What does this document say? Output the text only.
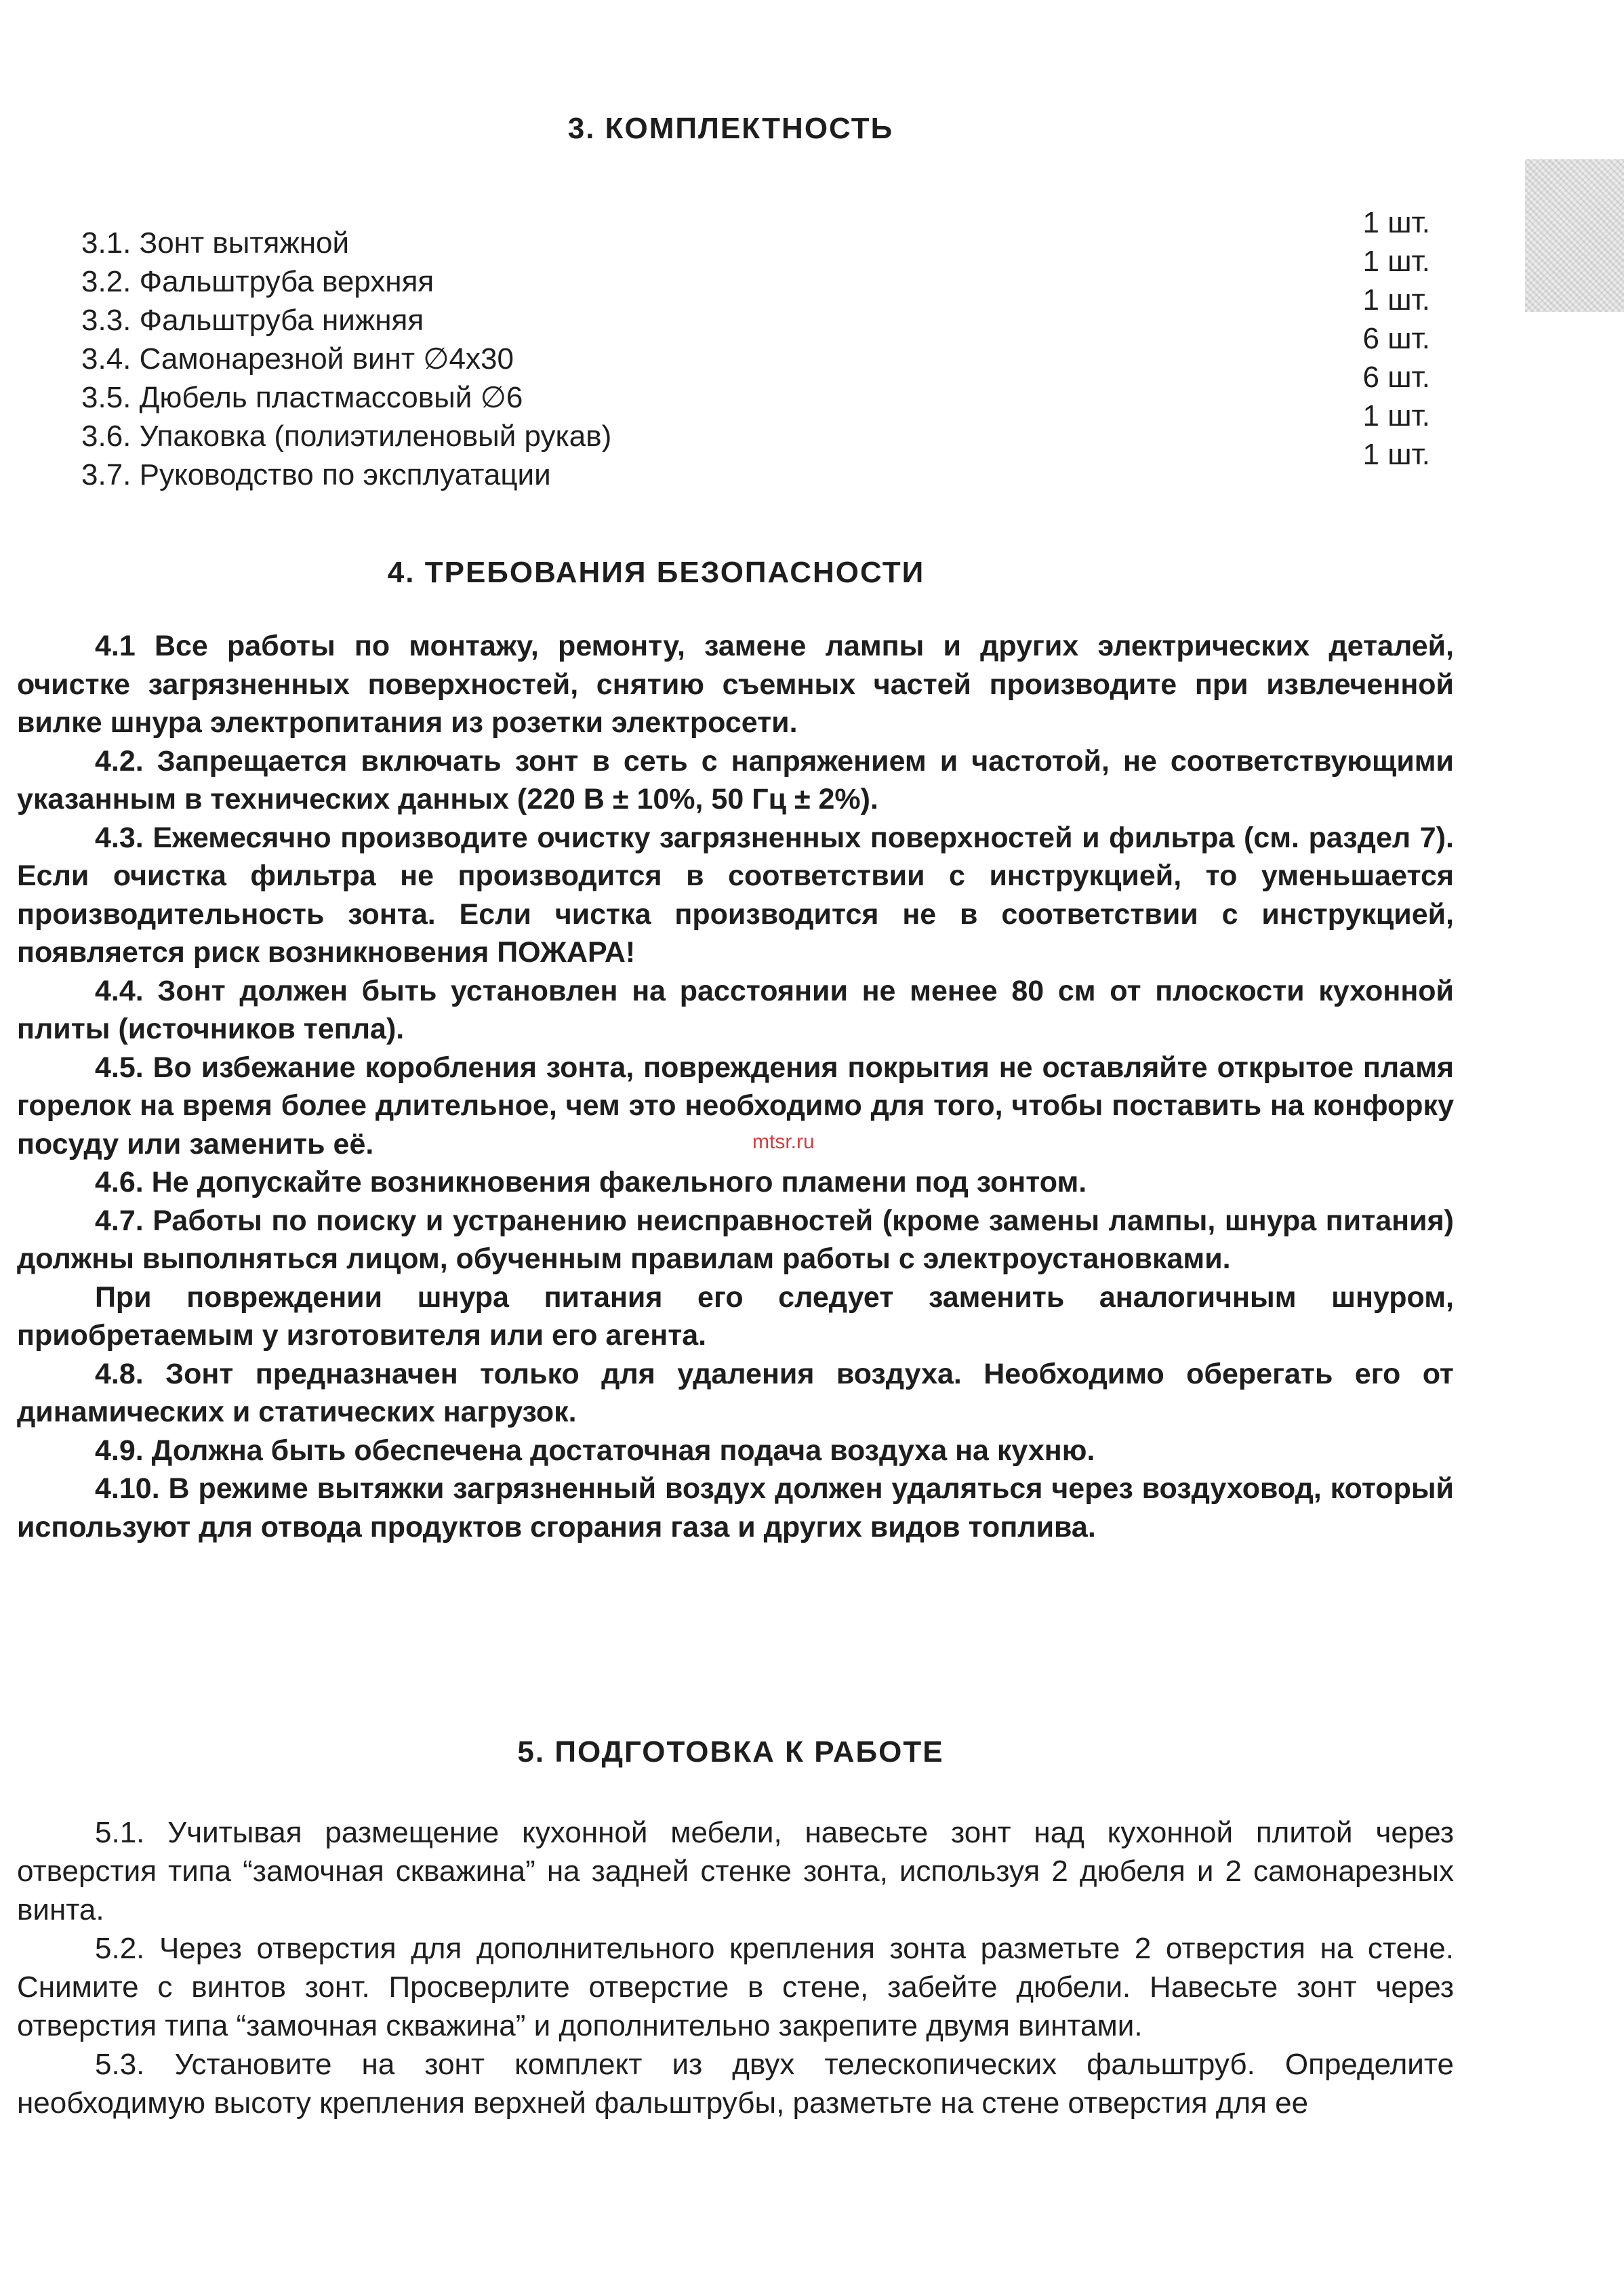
3. КОМПЛЕКТНОСТЬ
3.1. Зонт вытяжной
1 шт.
3.2. Фальштруба верхняя
1 шт.
3.3. Фальштруба нижняя
1 шт.
3.4. Самонарезной винт ∅4х30
6 шт.
3.5. Дюбель пластмассовый ∅6
6 шт.
3.6. Упаковка (полиэтиленовый рукав)
1 шт.
3.7. Руководство по эксплуатации
1 шт.
4. ТРЕБОВАНИЯ БЕЗОПАСНОСТИ

4.1 Все работы по монтажу, ремонту, замене лампы и других электрических деталей, очистке загрязненных поверхностей, снятию съемных частей производите при извлеченной вилке шнура электропитания из розетки электросети.

4.2. Запрещается включать зонт в сеть с напряжением и частотой, не соответствующими указанным в технических данных (220 В ± 10%, 50 Гц ± 2%).

4.3. Ежемесячно производите очистку загрязненных поверхностей и фильтра (см. раздел 7). Если очистка фильтра не производится в соответствии с инструкцией, то уменьшается производительность зонта. Если чистка производится не в соответствии с инструкцией, появляется риск возникновения ПОЖАРА!

4.4. Зонт должен быть установлен на расстоянии не менее 80 см от плоскости кухонной плиты (источников тепла).

4.5. Во избежание коробления зонта, повреждения покрытия не оставляйте открытое пламя горелок на время более длительное, чем это необходимо для того, чтобы поставить на конфорку посуду или заменить её.

4.6. Не допускайте возникновения факельного пламени под зонтом.

4.7. Работы по поиску и устранению неисправностей (кроме замены лампы, шнура питания) должны выполняться лицом, обученным правилам работы с электроустановками.

При повреждении шнура питания его следует заменить аналогичным шнуром, приобретаемым у изготовителя или его агента.

4.8. Зонт предназначен только для удаления воздуха. Необходимо оберегать его от динамических и статических нагрузок.

4.9. Должна быть обеспечена достаточная подача воздуха на кухню.

4.10. В режиме вытяжки загрязненный воздух должен удаляться через воздуховод, который используют для отвода продуктов сгорания газа и других видов топлива.

mtsr.ru
5. ПОДГОТОВКА К РАБОТЕ

5.1. Учитывая размещение кухонной мебели, навесьте зонт над кухонной плитой через отверстия типа “замочная скважина” на задней стенке зонта, используя 2 дюбеля и 2 самонарезных винта.

5.2. Через отверстия для дополнительного крепления зонта разметьте 2 отверстия на стене. Снимите с винтов зонт. Просверлите отверстие в стене, забейте дюбели. Навесьте зонт через отверстия типа “замочная скважина” и дополнительно закрепите двумя винтами.

5.3. Установите на зонт комплект из двух телескопических фальштруб. Определите необходимую высоту крепления верхней фальштрубы, разметьте на стене отверстия для ее
